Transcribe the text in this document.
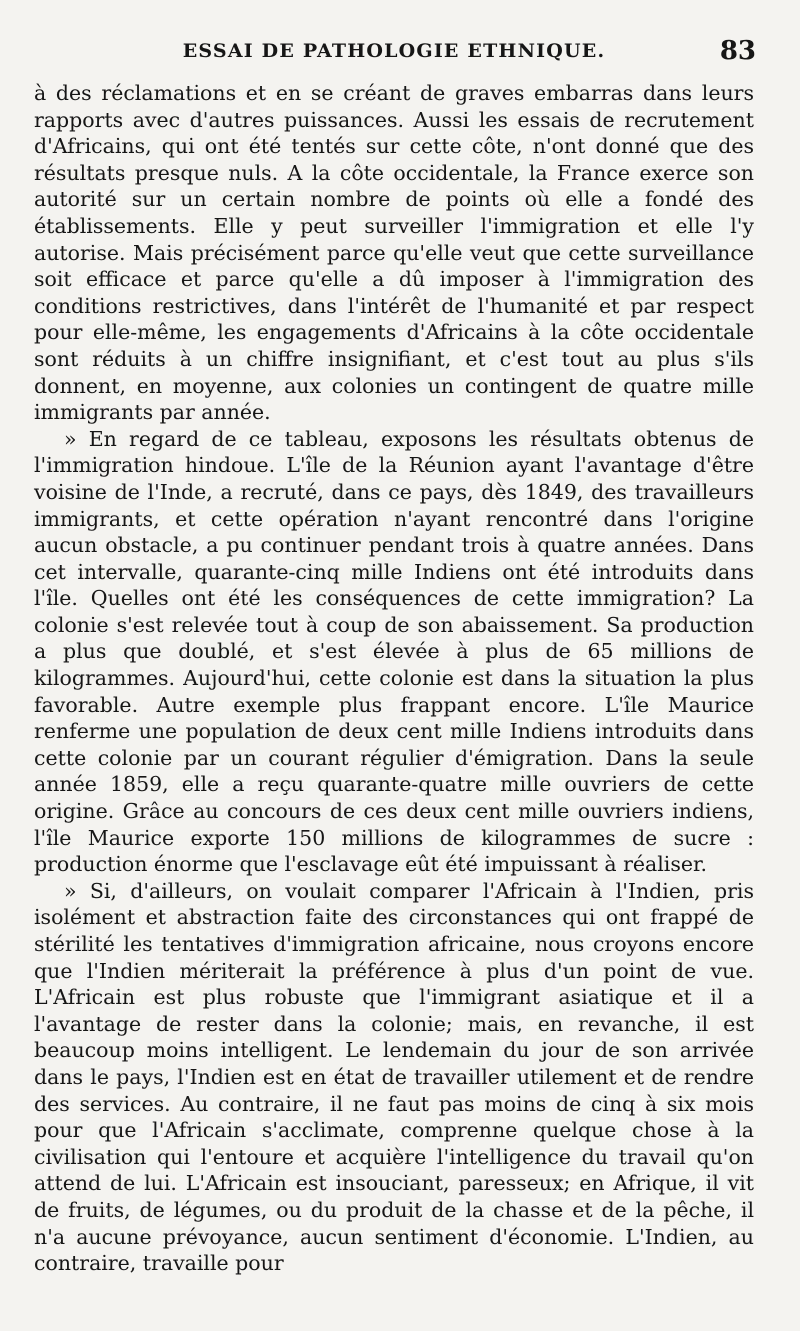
ESSAI DE PATHOLOGIE ETHNIQUE.	83

à des réclamations et en se créant de graves embarras dans leurs rapports avec d'autres puissances. Aussi les essais de recrutement d'Africains, qui ont été tentés sur cette côte, n'ont donné que des résultats presque nuls. A la côte occidentale, la France exerce son autorité sur un certain nombre de points où elle a fondé des établissements. Elle y peut surveiller l'immigration et elle l'y autorise. Mais précisément parce qu'elle veut que cette surveillance soit efficace et parce qu'elle a dû imposer à l'immigration des conditions restrictives, dans l'intérêt de l'humanité et par respect pour elle-même, les engagements d'Africains à la côte occidentale sont réduits à un chiffre insignifiant, et c'est tout au plus s'ils donnent, en moyenne, aux colonies un contingent de quatre mille immigrants par année.

» En regard de ce tableau, exposons les résultats obtenus de l'immigration hindoue. L'île de la Réunion ayant l'avantage d'être voisine de l'Inde, a recruté, dans ce pays, dès 1849, des travailleurs immigrants, et cette opération n'ayant rencontré dans l'origine aucun obstacle, a pu continuer pendant trois à quatre années. Dans cet intervalle, quarante-cinq mille Indiens ont été introduits dans l'île. Quelles ont été les conséquences de cette immigration? La colonie s'est relevée tout à coup de son abaissement. Sa production a plus que doublé, et s'est élevée à plus de 65 millions de kilogrammes. Aujourd'hui, cette colonie est dans la situation la plus favorable. Autre exemple plus frappant encore. L'île Maurice renferme une population de deux cent mille Indiens introduits dans cette colonie par un courant régulier d'émigration. Dans la seule année 1859, elle a reçu quarante-quatre mille ouvriers de cette origine. Grâce au concours de ces deux cent mille ouvriers indiens, l'île Maurice exporte 150 millions de kilogrammes de sucre : production énorme que l'esclavage eût été impuissant à réaliser.

» Si, d'ailleurs, on voulait comparer l'Africain à l'Indien, pris isolément et abstraction faite des circonstances qui ont frappé de stérilité les tentatives d'immigration africaine, nous croyons encore que l'Indien mériterait la préférence à plus d'un point de vue. L'Africain est plus robuste que l'immigrant asiatique et il a l'avantage de rester dans la colonie; mais, en revanche, il est beaucoup moins intelligent. Le lendemain du jour de son arrivée dans le pays, l'Indien est en état de travailler utilement et de rendre des services. Au contraire, il ne faut pas moins de cinq à six mois pour que l'Africain s'acclimate, comprenne quelque chose à la civilisation qui l'entoure et acquière l'intelligence du travail qu'on attend de lui. L'Africain est insouciant, paresseux; en Afrique, il vit de fruits, de légumes, ou du produit de la chasse et de la pêche, il n'a aucune prévoyance, aucun sentiment d'économie. L'Indien, au contraire, travaille pour
